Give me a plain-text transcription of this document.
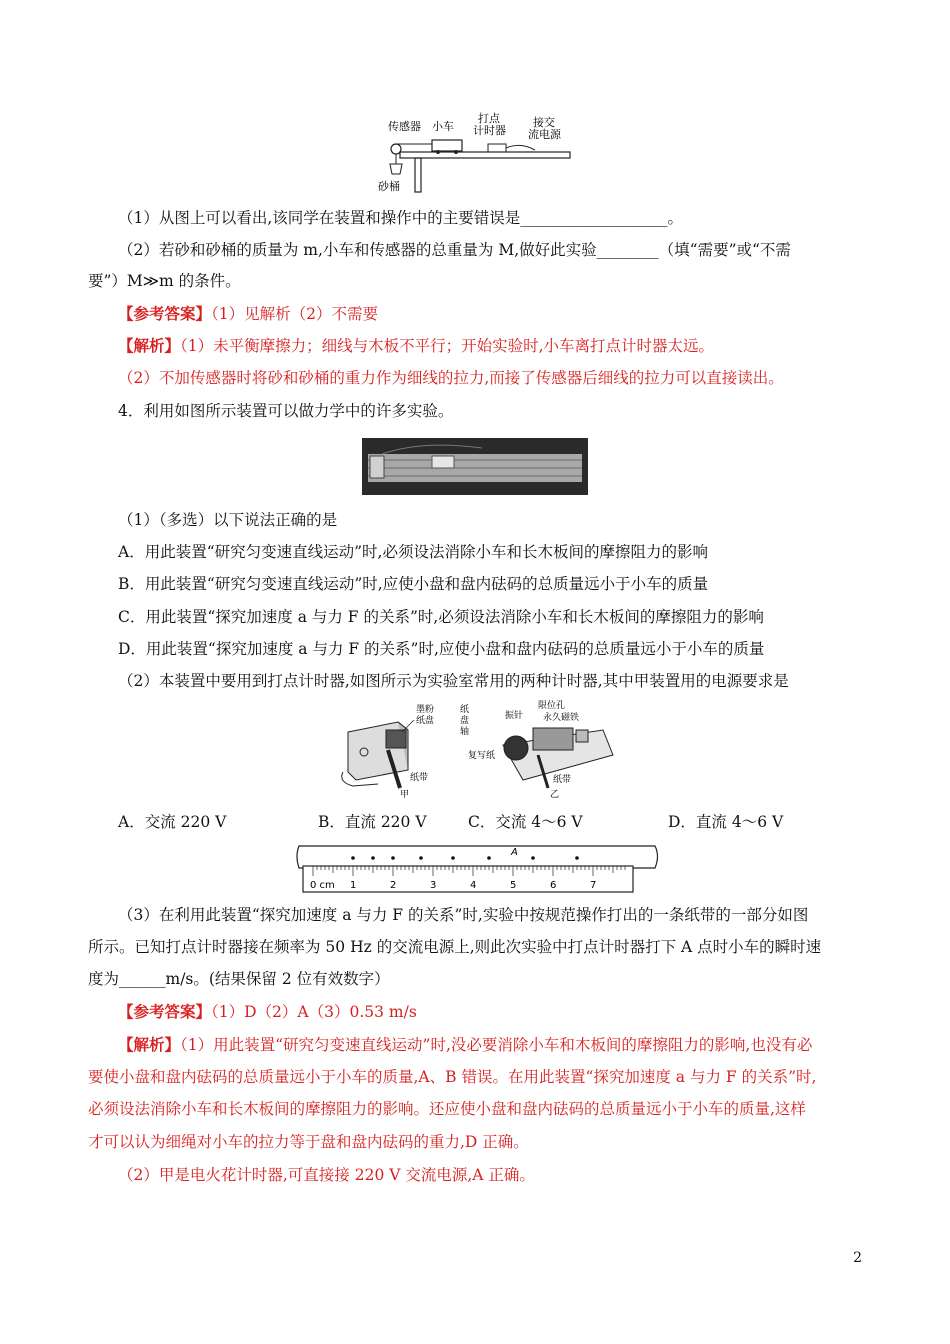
传感器 小车
打点
计时器
接交
流电源
砂桶
（1）从图上可以看出,该同学在装置和操作中的主要错误是___________________。
（2）若砂和砂桶的质量为 m,小车和传感器的总重量为 M,做好此实验________（填“需要”或“不需
要”）M≫m 的条件。
【参考答案】（1）见解析（2）不需要
【解析】（1）未平衡摩擦力；细线与木板不平行；开始实验时,小车离打点计时器太远。
（2）不加传感器时将砂和砂桶的重力作为细线的拉力,而接了传感器后细线的拉力可以直接读出。
4．利用如图所示装置可以做力学中的许多实验。
（1）（多选）以下说法正确的是
A．用此装置“研究匀变速直线运动”时,必须设法消除小车和长木板间的摩擦阻力的影响
B．用此装置“研究匀变速直线运动”时,应使小盘和盘内砝码的总质量远小于小车的质量
C．用此装置“探究加速度 a 与力 F 的关系”时,必须设法消除小车和长木板间的摩擦阻力的影响
D．用此装置“探究加速度 a 与力 F 的关系”时,应使小盘和盘内砝码的总质量远小于小车的质量
（2）本装置中要用到打点计时器,如图所示为实验室常用的两种计时器,其中甲装置用的电源要求是
墨粉
纸盘
纸
盘
轴
纸带
甲
振针
限位孔
永久磁铁
复写纸
纸带
乙
A．交流 220 V	B．直流 220 V	C．交流 4～6 V	D．直流 4～6 V
0 cm 1	2	3	4	5	6	7
A
（3）在利用此装置“探究加速度 a 与力 F 的关系”时,实验中按规范操作打出的一条纸带的一部分如图
所示。已知打点计时器接在频率为 50 Hz 的交流电源上,则此次实验中打点计时器打下 A 点时小车的瞬时速
度为______m/s。(结果保留 2 位有效数字）
【参考答案】（1）D（2）A（3）0.53 m/s
【解析】（1）用此装置“研究匀变速直线运动”时,没必要消除小车和木板间的摩擦阻力的影响,也没有必
要使小盘和盘内砝码的总质量远小于小车的质量,A、B 错误。在用此装置“探究加速度 a 与力 F 的关系”时,
必须设法消除小车和长木板间的摩擦阻力的影响。还应使小盘和盘内砝码的总质量远小于小车的质量,这样
才可以认为细绳对小车的拉力等于盘和盘内砝码的重力,D 正确。
（2）甲是电火花计时器,可直接接 220 V 交流电源,A 正确。
2
